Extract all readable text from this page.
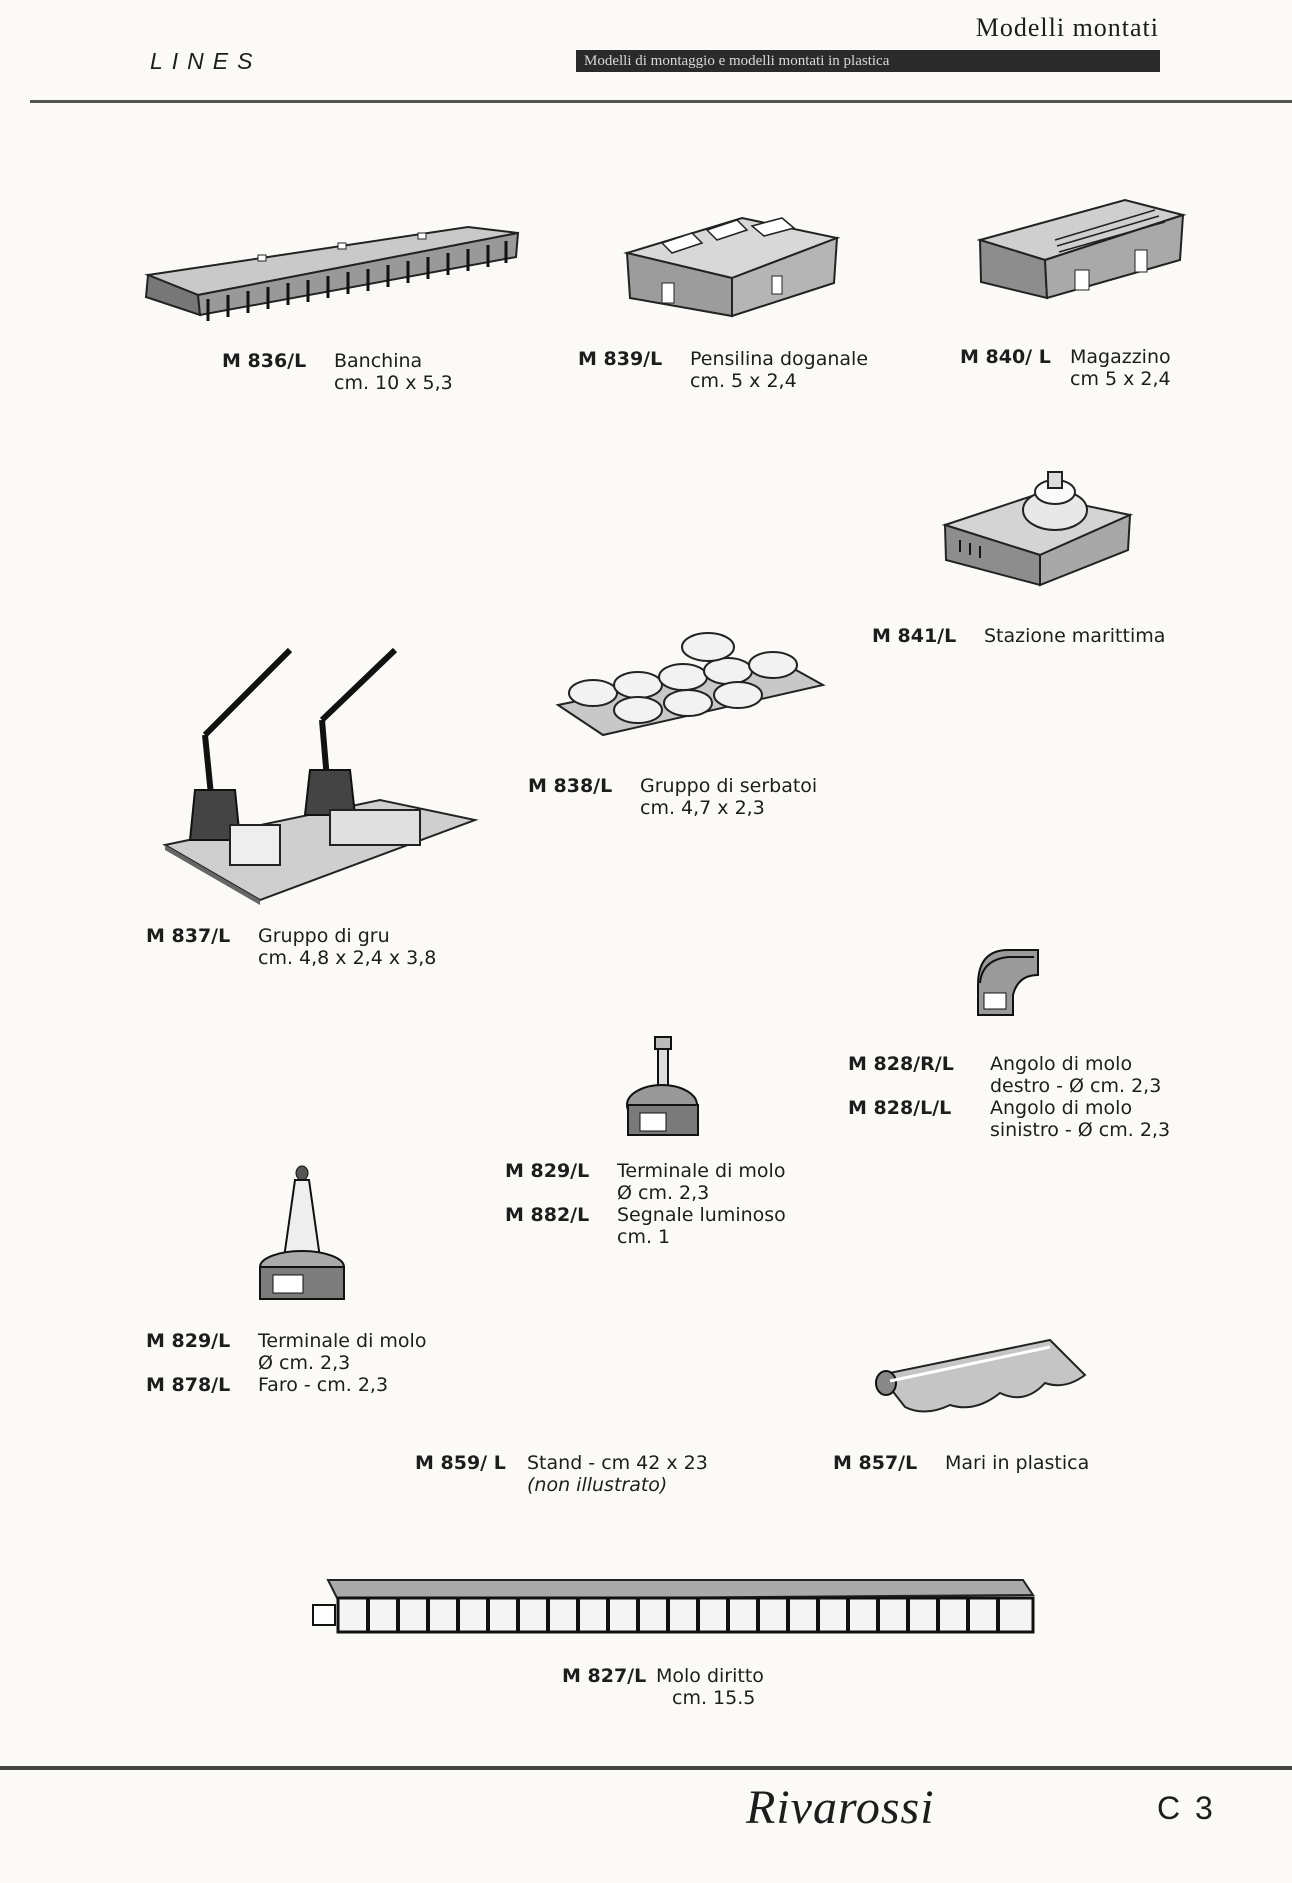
LINES
Modelli montati
Modelli di montaggio e modelli montati in plastica
M 836/L Banchina
cm. 10 x 5,3
M 839/L Pensilina doganale
cm. 5 x 2,4
M 840/ L Magazzino
cm 5 x 2,4
M 841/L Stazione marittima
M 838/L Gruppo di serbatoi
cm. 4,7 x 2,3
M 837/L Gruppo di gru
cm. 4,8 x 2,4 x 3,8
M 828/R/L Angolo di molo
destro - Ø cm. 2,3
M 828/L/L Angolo di molo
sinistro - Ø cm. 2,3
M 829/L Terminale di molo
Ø cm. 2,3
M 882/L Segnale luminoso
cm. 1
M 829/L Terminale di molo
Ø cm. 2,3
M 878/L Faro - cm. 2,3
M 859/ L Stand - cm 42 x 23
(non illustrato)
M 857/L Mari in plastica
M 827/L Molo diritto
cm. 15.5
Rivarossi	C 3
